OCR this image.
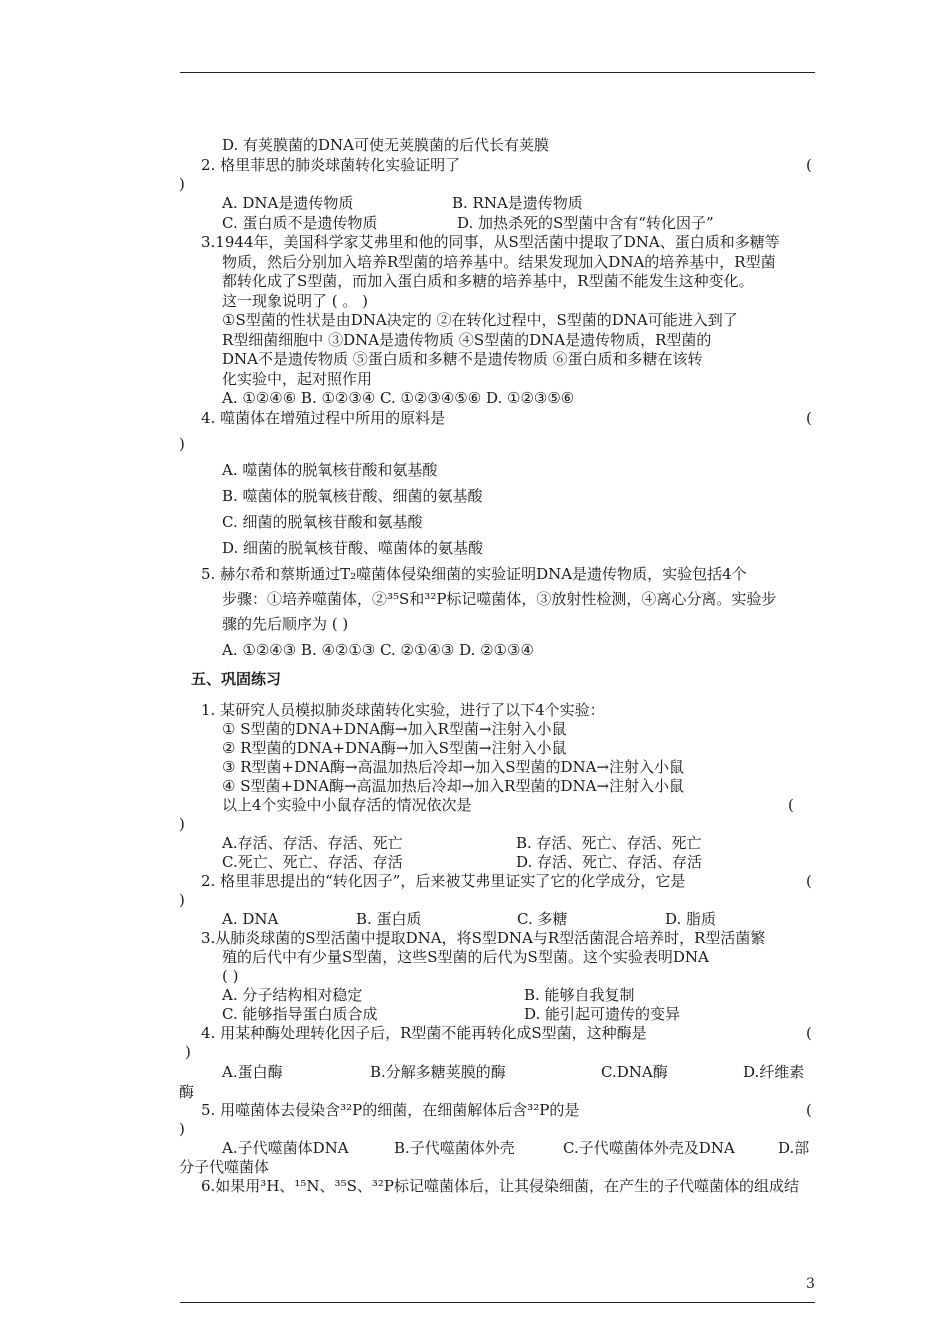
D. 有荚膜菌的DNA可使无荚膜菌的后代长有荚膜
2. 格里菲思的肺炎球菌转化实验证明了	(
)
A. DNA是遗传物质	B. RNA是遗传物质
C. 蛋白质不是遗传物质	D. 加热杀死的S型菌中含有“转化因子”
3.1944年，美国科学家艾弗里和他的同事，从S型活菌中提取了DNA、蛋白质和多糖等
物质，然后分别加入培养R型菌的培养基中。结果发现加入DNA的培养基中，R型菌
都转化成了S型菌，而加入蛋白质和多糖的培养基中，R型菌不能发生这种变化。
这一现象说明了 ( 。 )
①S型菌的性状是由DNA决定的 ②在转化过程中，S型菌的DNA可能进入到了
R型细菌细胞中 ③DNA是遗传物质 ④S型菌的DNA是遗传物质，R型菌的
DNA不是遗传物质 ⑤蛋白质和多糖不是遗传物质 ⑥蛋白质和多糖在该转
化实验中，起对照作用
A. ①②④⑥ B. ①②③④ C. ①②③④⑤⑥ D. ①②③⑤⑥
4. 噬菌体在增殖过程中所用的原料是	(
)
A. 噬菌体的脱氧核苷酸和氨基酸
B. 噬菌体的脱氧核苷酸、细菌的氨基酸
C. 细菌的脱氧核苷酸和氨基酸
D. 细菌的脱氧核苷酸、噬菌体的氨基酸
5. 赫尔希和蔡斯通过T₂噬菌体侵染细菌的实验证明DNA是遗传物质，实验包括4个
步骤：①培养噬菌体，②³⁵S和³²P标记噬菌体，③放射性检测，④离心分离。实验步
骤的先后顺序为 ( )
A. ①②④③ B. ④②①③ C. ②①④③ D. ②①③④
五、巩固练习
1. 某研究人员模拟肺炎球菌转化实验，进行了以下4个实验：
① S型菌的DNA+DNA酶→加入R型菌→注射入小鼠
② R型菌的DNA+DNA酶→加入S型菌→注射入小鼠
③ R型菌+DNA酶→高温加热后冷却→加入S型菌的DNA→注射入小鼠
④ S型菌+DNA酶→高温加热后冷却→加入R型菌的DNA→注射入小鼠
以上4个实验中小鼠存活的情况依次是	(
)
A.存活、存活、存活、死亡	B. 存活、死亡、存活、死亡
C.死亡、死亡、存活、存活	D. 存活、死亡、存活、存活
2. 格里菲思提出的“转化因子”，后来被艾弗里证实了它的化学成分，它是	(
)
A. DNA	B. 蛋白质	C. 多糖	D. 脂质
3.从肺炎球菌的S型活菌中提取DNA，将S型DNA与R型活菌混合培养时，R型活菌繁
殖的后代中有少量S型菌，这些S型菌的后代为S型菌。这个实验表明DNA
( )
A. 分子结构相对稳定	B. 能够自我复制
C. 能够指导蛋白质合成	D. 能引起可遗传的变异
4. 用某种酶处理转化因子后，R型菌不能再转化成S型菌，这种酶是	(
)
A.蛋白酶	B.分解多糖荚膜的酶	C.DNA酶	D.纤维素
酶
5. 用噬菌体去侵染含³²P的细菌，在细菌解体后含³²P的是	(
)
A.子代噬菌体DNA	B.子代噬菌体外壳	C.子代噬菌体外壳及DNA	D.部
分子代噬菌体
6.如果用³H、¹⁵N、³⁵S、³²P标记噬菌体后，让其侵染细菌，在产生的子代噬菌体的组成结
3
